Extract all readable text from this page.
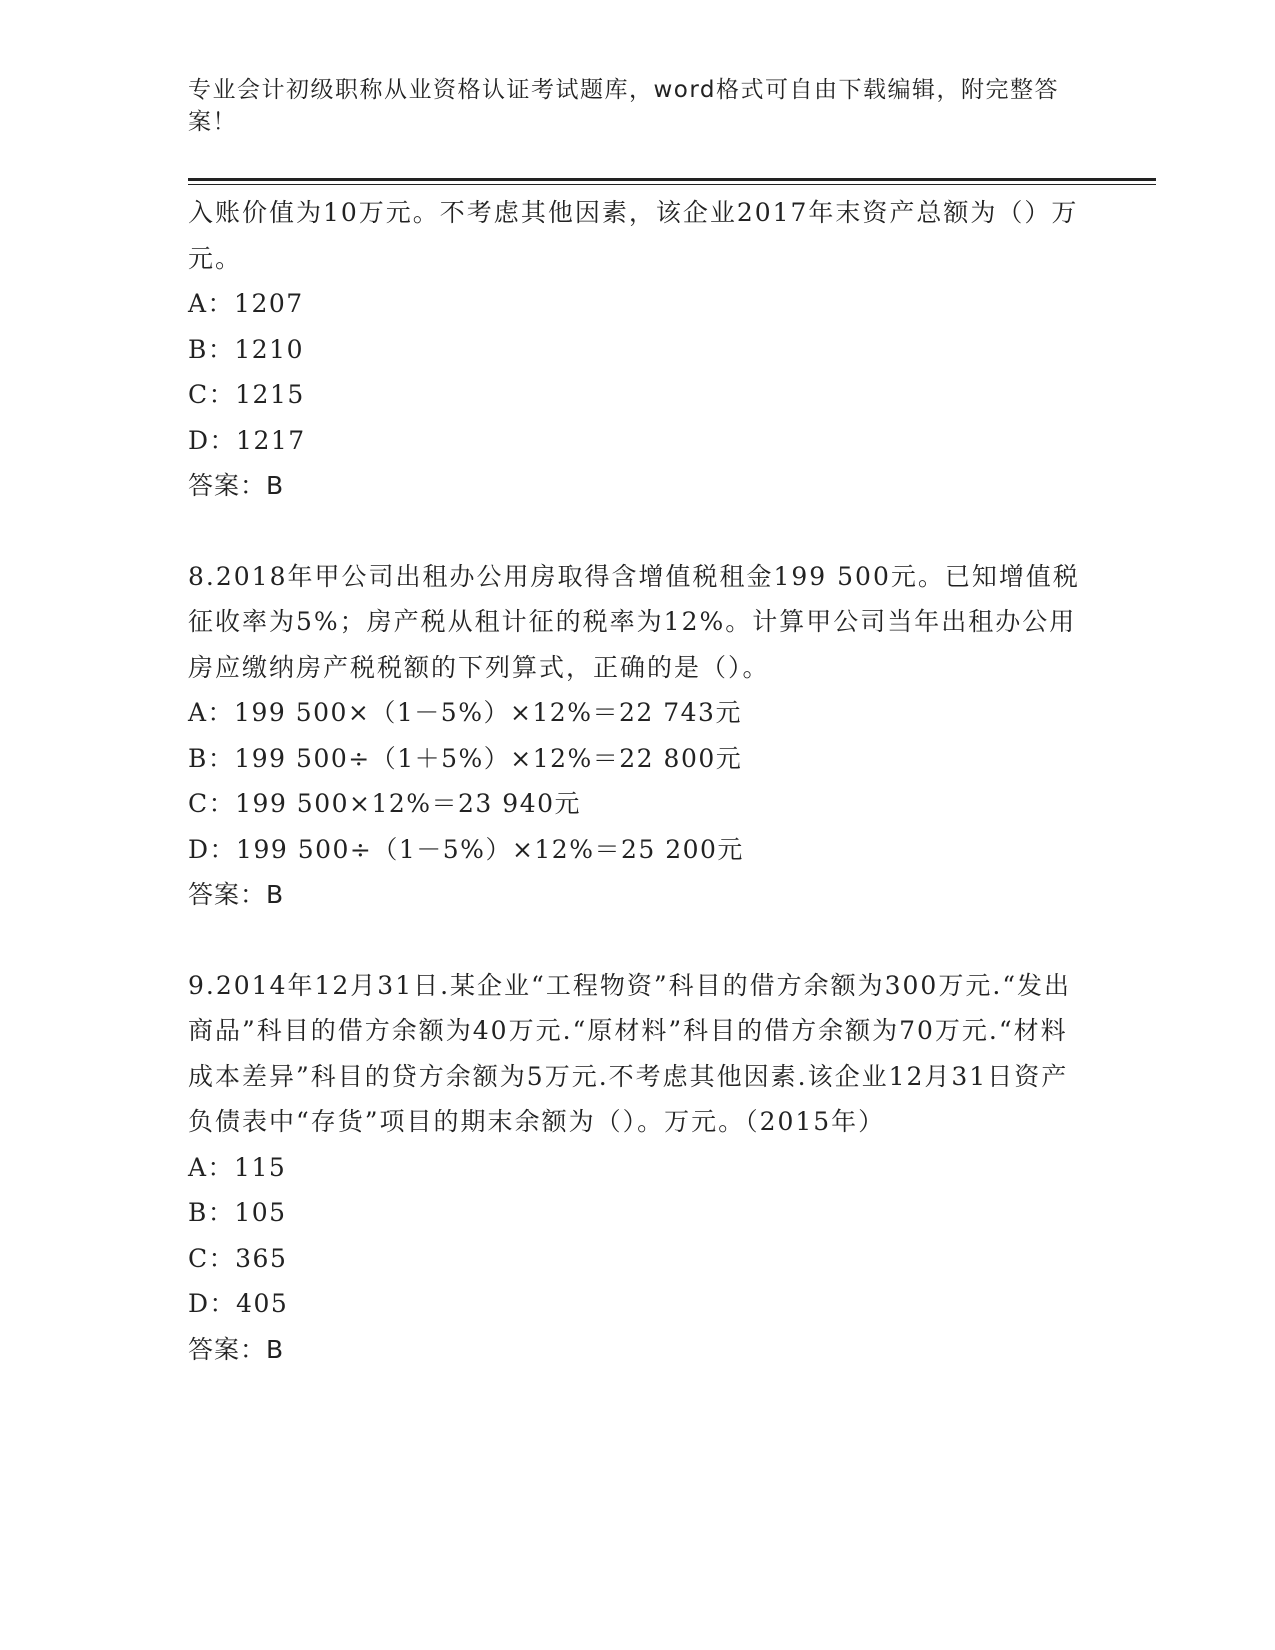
专业会计初级职称从业资格认证考试题库，word格式可自由下载编辑，附完整答案！

入账价值为10万元。不考虑其他因素，该企业2017年末资产总额为（）万元。

A：1207

B：1210

C：1215

D：1217

答案：B

8.2018年甲公司出租办公用房取得含增值税租金199 500元。已知增值税征收率为5%；房产税从租计征的税率为12%。计算甲公司当年出租办公用房应缴纳房产税税额的下列算式，正确的是（）。

A：199 500×（1－5%）×12%＝22 743元

B：199 500÷（1＋5%）×12%＝22 800元

C：199 500×12%＝23 940元

D：199 500÷（1－5%）×12%＝25 200元

答案：B

9.2014年12月31日.某企业“工程物资”科目的借方余额为300万元.“发出商品”科目的借方余额为40万元.“原材料”科目的借方余额为70万元.“材料成本差异”科目的贷方余额为5万元.不考虑其他因素.该企业12月31日资产负债表中“存货”项目的期末余额为（）。万元。（2015年）

A：115

B：105

C：365

D：405

答案：B
